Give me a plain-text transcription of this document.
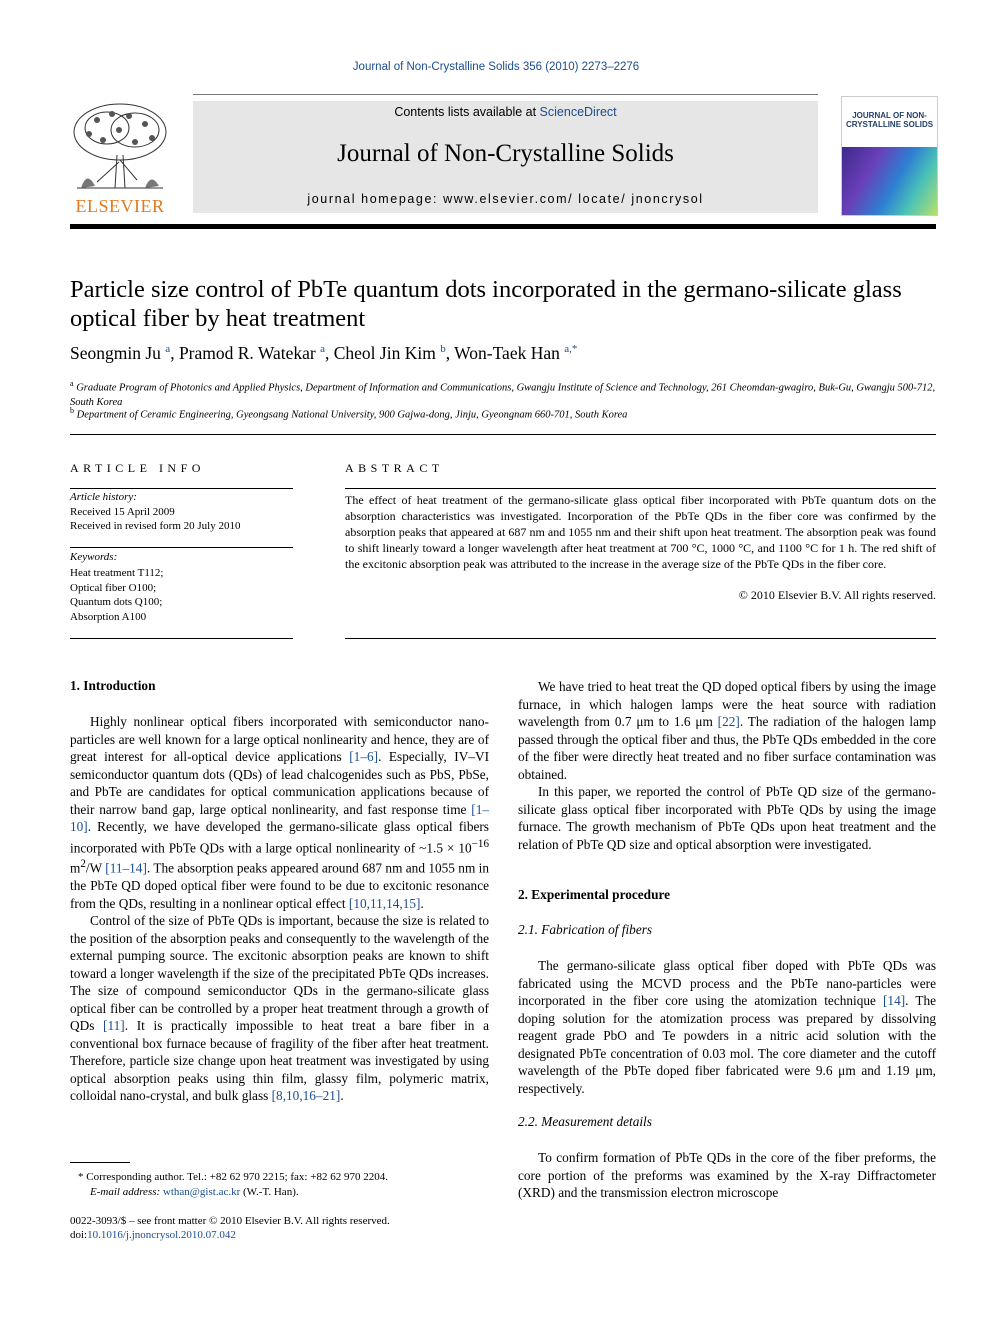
Journal of Non-Crystalline Solids 356 (2010) 2273–2276
Contents lists available at ScienceDirect
Journal of Non-Crystalline Solids
journal homepage: www.elsevier.com/ locate/ jnoncrysol
ELSEVIER
JOURNAL OF NON-CRYSTALLINE SOLIDS
Particle size control of PbTe quantum dots incorporated in the germano-silicate glass optical fiber by heat treatment
Seongmin Ju $^a$, Pramod R. Watekar $^a$, Cheol Jin Kim $^b$, Won-Taek Han $^{a,*}$
$^a$ Graduate Program of Photonics and Applied Physics, Department of Information and Communications, Gwangju Institute of Science and Technology, 261 Cheomdan-gwagiro, Buk-Gu, Gwangju 500-712, South Korea
$^b$ Department of Ceramic Engineering, Gyeongsang National University, 900 Gajwa-dong, Jinju, Gyeongnam 660-701, South Korea
ARTICLE INFO
Article history:
Received 15 April 2009
Received in revised form 20 July 2010
Keywords:
Heat treatment T112;
Optical fiber O100;
Quantum dots Q100;
Absorption A100
ABSTRACT
The effect of heat treatment of the germano-silicate glass optical fiber incorporated with PbTe quantum dots on the absorption characteristics was investigated. Incorporation of the PbTe QDs in the fiber core was confirmed by the absorption peaks that appeared at 687 nm and 1055 nm and their shift upon heat treatment. The absorption peak was found to shift linearly toward a longer wavelength after heat treatment at 700 °C, 1000 °C, and 1100 °C for 1 h. The red shift of the excitonic absorption peak was attributed to the increase in the average size of the PbTe QDs in the fiber core.
© 2010 Elsevier B.V. All rights reserved.
1. Introduction

Highly nonlinear optical fibers incorporated with semiconductor nano-particles are well known for a large optical nonlinearity and hence, they are of great interest for all-optical device applications [1–6]. Especially, IV–VI semiconductor quantum dots (QDs) of lead chalcogenides such as PbS, PbSe, and PbTe are candidates for optical communication applications because of their narrow band gap, large optical nonlinearity, and fast response time [1–10]. Recently, we have developed the germano-silicate glass optical fibers incorporated with PbTe QDs with a large optical nonlinearity of ~1.5 × $10^{-16}$ $m^2/W$ [11–14]. The absorption peaks appeared around 687 nm and 1055 nm in the PbTe QD doped optical fiber were found to be due to excitonic resonance from the QDs, resulting in a nonlinear optical effect [10,11,14,15].

Control of the size of PbTe QDs is important, because the size is related to the position of the absorption peaks and consequently to the wavelength of the external pumping source. The excitonic absorption peaks are known to shift toward a longer wavelength if the size of the precipitated PbTe QDs increases. The size of compound semiconductor QDs in the germano-silicate glass optical fiber can be controlled by a proper heat treatment through a growth of QDs [11]. It is practically impossible to heat treat a bare fiber in a conventional box furnace because of fragility of the fiber after heat treatment. Therefore, particle size change upon heat treatment was investigated by using optical absorption peaks using thin film, glassy film, polymeric matrix, colloidal nano-crystal, and bulk glass [8,10,16–21].

We have tried to heat treat the QD doped optical fibers by using the image furnace, in which halogen lamps were the heat source with radiation wavelength from 0.7 μm to 1.6 μm [22]. The radiation of the halogen lamp passed through the optical fiber and thus, the PbTe QDs embedded in the core of the fiber were directly heat treated and no fiber surface contamination was obtained.

In this paper, we reported the control of PbTe QD size of the germano-silicate glass optical fiber incorporated with PbTe QDs by using the image furnace. The growth mechanism of PbTe QDs upon heat treatment and the relation of PbTe QD size and optical absorption were investigated.

2. Experimental procedure
2.1. Fabrication of fibers

The germano-silicate glass optical fiber doped with PbTe QDs was fabricated using the MCVD process and the PbTe nano-particles were incorporated in the fiber core using the atomization technique [14]. The doping solution for the atomization process was prepared by dissolving reagent grade PbO and Te powders in a nitric acid solution with the designated PbTe concentration of 0.03 mol. The core diameter and the cutoff wavelength of the PbTe doped fiber fabricated were 9.6 μm and 1.19 μm, respectively.

2.2. Measurement details

To confirm formation of PbTe QDs in the core of the fiber preforms, the core portion of the preforms was examined by the X-ray Diffractometer (XRD) and the transmission electron microscope

* Corresponding author. Tel.: +82 62 970 2215; fax: +82 62 970 2204.
E-mail address: wthan@gist.ac.kr (W.-T. Han).
0022-3093/$ – see front matter © 2010 Elsevier B.V. All rights reserved.
doi:10.1016/j.jnoncrysol.2010.07.042
